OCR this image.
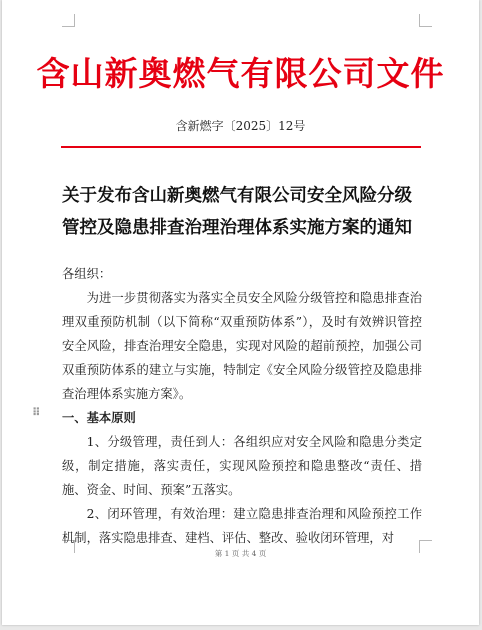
含山新奥燃气有限公司文件
含新燃字〔2025〕12号
关于发布含山新奥燃气有限公司安全风险分级
管控及隐患排查治理治理体系实施方案的通知

各组织：

为进一步贯彻落实为落实全员安全风险分级管控和隐患排查治理双重预防机制（以下简称“双重预防体系”），及时有效辨识管控安全风险，排查治理安全隐患，实现对风险的超前预控，加强公司双重预防体系的建立与实施，特制定《安全风险分级管控及隐患排查治理体系实施方案》。

⠿ 一、基本原则

1、分级管理，责任到人：各组织应对安全风险和隐患分类定级，制定措施，落实责任，实现风险预控和隐患整改“责任、措施、资金、时间、预案”五落实。

2、闭环管理，有效治理：建立隐患排查治理和风险预控工作机制，落实隐患排查、建档、评估、整改、验收闭环管理，对

第 1 页 共 4 页
